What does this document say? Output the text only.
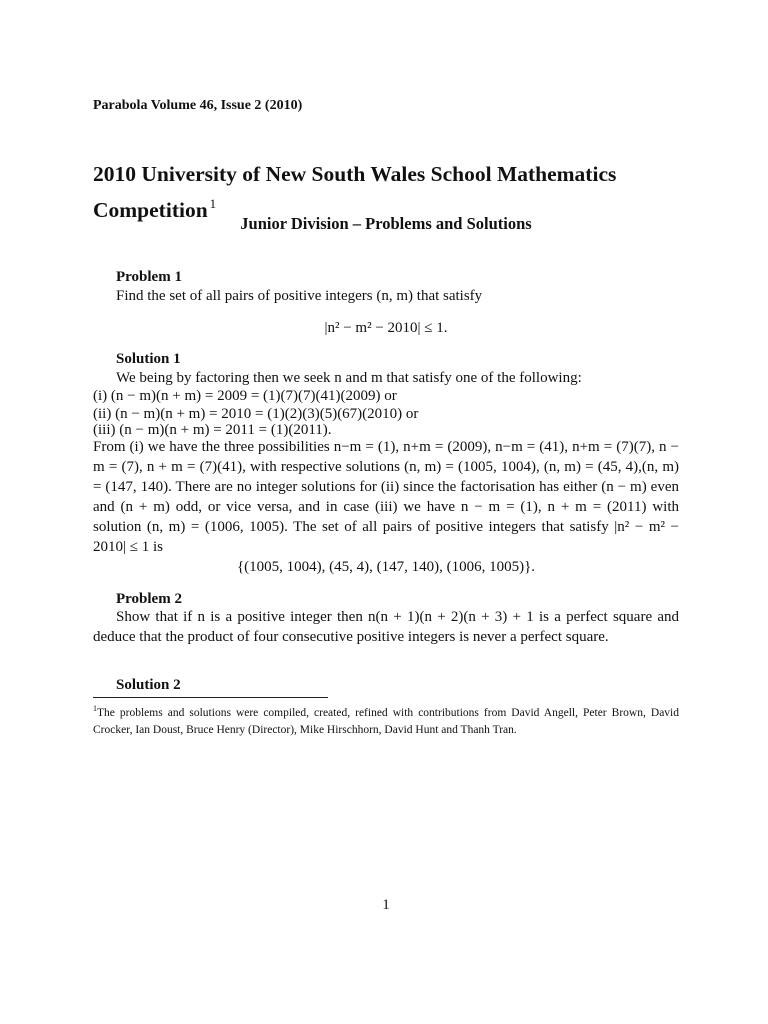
Parabola Volume 46, Issue 2 (2010)
2010 University of New South Wales School Mathematics Competition $^1$
Junior Division – Problems and Solutions
Problem 1
Find the set of all pairs of positive integers (n, m) that satisfy
|n² − m² − 2010| ≤ 1.
Solution 1
We being by factoring then we seek n and m that satisfy one of the following:
(i) (n − m)(n + m) = 2009 = (1)(7)(7)(41)(2009) or
(ii) (n − m)(n + m) = 2010 = (1)(2)(3)(5)(67)(2010) or
(iii) (n − m)(n + m) = 2011 = (1)(2011).
From (i) we have the three possibilities n−m = (1), n+m = (2009), n−m = (41), n+m = (7)(7), n − m = (7), n + m = (7)(41), with respective solutions (n, m) = (1005, 1004), (n, m) = (45, 4),(n, m) = (147, 140). There are no integer solutions for (ii) since the factorisation has either (n − m) even and (n + m) odd, or vice versa, and in case (iii) we have n − m = (1), n + m = (2011) with solution (n, m) = (1006, 1005). The set of all pairs of positive integers that satisfy |n² − m² − 2010| ≤ 1 is
{(1005, 1004), (45, 4), (147, 140), (1006, 1005)}.
Problem 2
Show that if n is a positive integer then n(n + 1)(n + 2)(n + 3) + 1 is a perfect square and deduce that the product of four consecutive positive integers is never a perfect square.
Solution 2
$^1$The problems and solutions were compiled, created, refined with contributions from David Angell, Peter Brown, David Crocker, Ian Doust, Bruce Henry (Director), Mike Hirschhorn, David Hunt and Thanh Tran.
1
